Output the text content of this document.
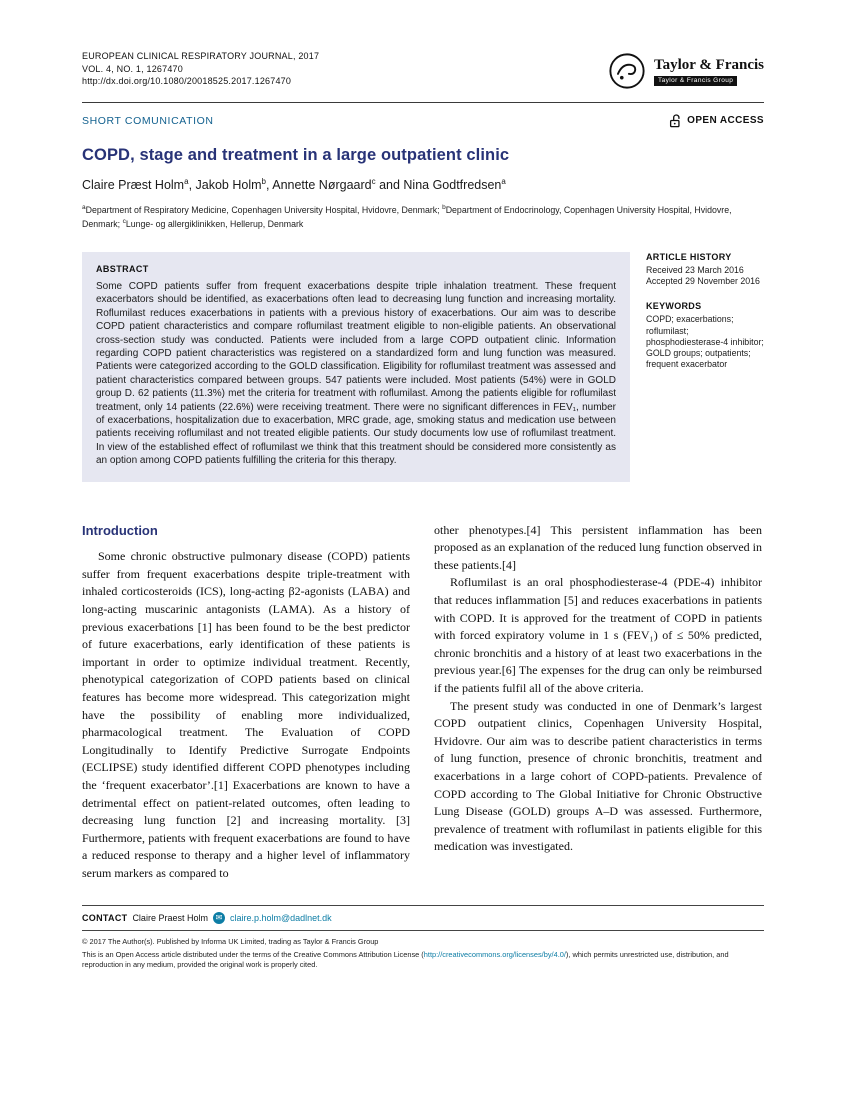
EUROPEAN CLINICAL RESPIRATORY JOURNAL, 2017
VOL. 4, NO. 1, 1267470
http://dx.doi.org/10.1080/20018525.2017.1267470
Taylor & Francis
Taylor & Francis Group
SHORT COMUNICATION	OPEN ACCESS
COPD, stage and treatment in a large outpatient clinic
Claire Præst Holm$^a$, Jakob Holm$^b$, Annette Nørgaard$^c$ and Nina Godtfredsen$^a$

$^a$Department of Respiratory Medicine, Copenhagen University Hospital, Hvidovre, Denmark; $^b$Department of Endocrinology, Copenhagen University Hospital, Hvidovre, Denmark; $^c$Lunge- og allergiklinikken, Hellerup, Denmark

ABSTRACT

Some COPD patients suffer from frequent exacerbations despite triple inhalation treatment. These frequent exacerbators should be identified, as exacerbations often lead to decreasing lung function and increasing mortality. Roflumilast reduces exacerbations in patients with a previous history of exacerbations. Our aim was to describe COPD patient characteristics and compare roflumilast treatment eligible to non-eligible patients. An observational cross-section study was conducted. Patients were included from a large COPD outpatient clinic. Information regarding COPD patient characteristics was registered on a standardized form and lung function was measured. Patients were categorized according to the GOLD classification. Eligibility for roflumilast treatment was assessed and patient characteristics compared between groups. 547 patients were included. Most patients (54%) were in GOLD group D. 62 patients (11.3%) met the criteria for treatment with roflumilast. Among the patients eligible for roflumilast treatment, only 14 patients (22.6%) were receiving treatment. There were no significant differences in FEV₁, number of exacerbations, hospitalization due to exacerbation, MRC grade, age, smoking status and medication use between patients receiving roflumilast and not treated eligible patients. Our study documents low use of roflumilast treatment. In view of the established effect of roflumilast we think that this treatment should be considered more consistently as an option among COPD patients fulfilling the criteria for this therapy.

ARTICLE HISTORY
Received 23 March 2016
Accepted 29 November 2016
KEYWORDS
COPD; exacerbations; roflumilast; phosphodiesterase-4 inhibitor; GOLD groups; outpatients; frequent exacerbator
Introduction

Some chronic obstructive pulmonary disease (COPD) patients suffer from frequent exacerbations despite triple-treatment with inhaled corticosteroids (ICS), long-acting β2-agonists (LABA) and long-acting muscarinic antagonists (LAMA). As a history of previous exacerbations [1] has been found to be the best predictor of future exacerbations, early identification of these patients is important in order to optimize individual treatment. Recently, phenotypical categorization of COPD patients based on clinical features has become more widespread. This categorization might have the possibility of enabling more individualized, pharmacological treatment. The Evaluation of COPD Longitudinally to Identify Predictive Surrogate Endpoints (ECLIPSE) study identified different COPD phenotypes including the ‘frequent exacerbator’.[1] Exacerbations are known to have a detrimental effect on patient-related outcomes, often leading to decreasing lung function [2] and increasing mortality. [3] Furthermore, patients with frequent exacerbations are found to have a reduced response to therapy and a higher level of inflammatory serum markers as compared to

other phenotypes.[4] This persistent inflammation has been proposed as an explanation of the reduced lung function observed in these patients.[4]

Roflumilast is an oral phosphodiesterase-4 (PDE-4) inhibitor that reduces inflammation [5] and reduces exacerbations in patients with COPD. It is approved for the treatment of COPD in patients with forced expiratory volume in 1 s (FEV₁) of ≤ 50% predicted, chronic bronchitis and a history of at least two exacerbations in the previous year.[6] The expenses for the drug can only be reimbursed if the patients fulfil all of the above criteria.

The present study was conducted in one of Denmark’s largest COPD outpatient clinics, Copenhagen University Hospital, Hvidovre. Our aim was to describe patient characteristics in terms of lung function, presence of chronic bronchitis, treatment and exacerbations in a large cohort of COPD-patients. Prevalence of COPD according to The Global Initiative for Chronic Obstructive Lung Disease (GOLD) groups A–D was assessed. Furthermore, prevalence of treatment with roflumilast in patients eligible for this medication was investigated.

CONTACT Claire Praest Holm ✉ claire.p.holm@dadlnet.dk
© 2017 The Author(s). Published by Informa UK Limited, trading as Taylor & Francis Group
This is an Open Access article distributed under the terms of the Creative Commons Attribution License (http://creativecommons.org/licenses/by/4.0/), which permits unrestricted use, distribution, and reproduction in any medium, provided the original work is properly cited.
